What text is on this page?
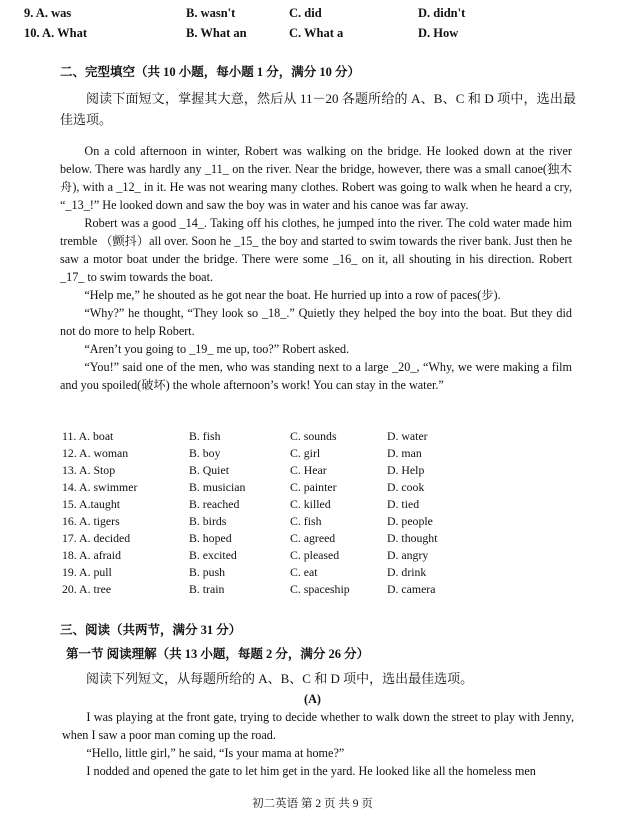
9. A. was	B. wasn't	C. did	D. didn't
10. A. What	B. What an	C. What a	D. How
二、完型填空（共 10 小题，每小题 1 分，满分 10 分）

阅读下面短文，掌握其大意，然后从 11－20 各题所给的 A、B、C 和 D 项中，选出最佳选项。

On a cold afternoon in winter, Robert was walking on the bridge. He looked down at the river below. There was hardly any _11_ on the river. Near the bridge, however, there was a small canoe(独木舟), with a _12_ in it. He was not wearing many clothes. Robert was going to walk when he heard a cry, “_13_!” He looked down and saw the boy was in water and his canoe was far away.

Robert was a good _14_. Taking off his clothes, he jumped into the river. The cold water made him tremble （颤抖）all over. Soon he _15_ the boy and started to swim towards the river bank. Just then he saw a motor boat under the bridge. There were some _16_ on it, all shouting in his direction. Robert _17_ to swim towards the boat.

“Help me,” he shouted as he got near the boat. He hurried up into a row of paces(步).

“Why?” he thought, “They look so _18_.” Quietly they helped the boy into the boat. But they did not do more to help Robert.

“Aren’t you going to _19_ me up, too?” Robert asked.

“You!” said one of the men, who was standing next to a large _20_, “Why, we were making a film and you spoiled(破坏) the whole afternoon’s work! You can stay in the water.”

11. A. boat	B. fish	C. sounds	D. water
12. A. woman	B. boy	C. girl	D. man
13. A. Stop	B. Quiet	C. Hear	D. Help
14. A. swimmer	B. musician	C. painter	D. cook
15. A.taught	B. reached	C. killed	D. tied
16. A. tigers	B. birds	C. fish	D. people
17. A. decided	B. hoped	C. agreed	D. thought
18. A. afraid	B. excited	C. pleased	D. angry
19. A. pull	B. push	C. eat	D. drink
20. A. tree	B. train	C. spaceship	D. camera
三、阅读（共两节，满分 31 分）
第一节 阅读理解（共 13 小题，每题 2 分，满分 26 分）

阅读下列短文，从每题所给的 A、B、C 和 D 项中，选出最佳选项。

(A)

I was playing at the front gate, trying to decide whether to walk down the street to play with Jenny, when I saw a poor man coming up the road.

“Hello, little girl,” he said, “Is your mama at home?”

I nodded and opened the gate to let him get in the yard. He looked like all the homeless men

初二英语 第 2 页 共 9 页
